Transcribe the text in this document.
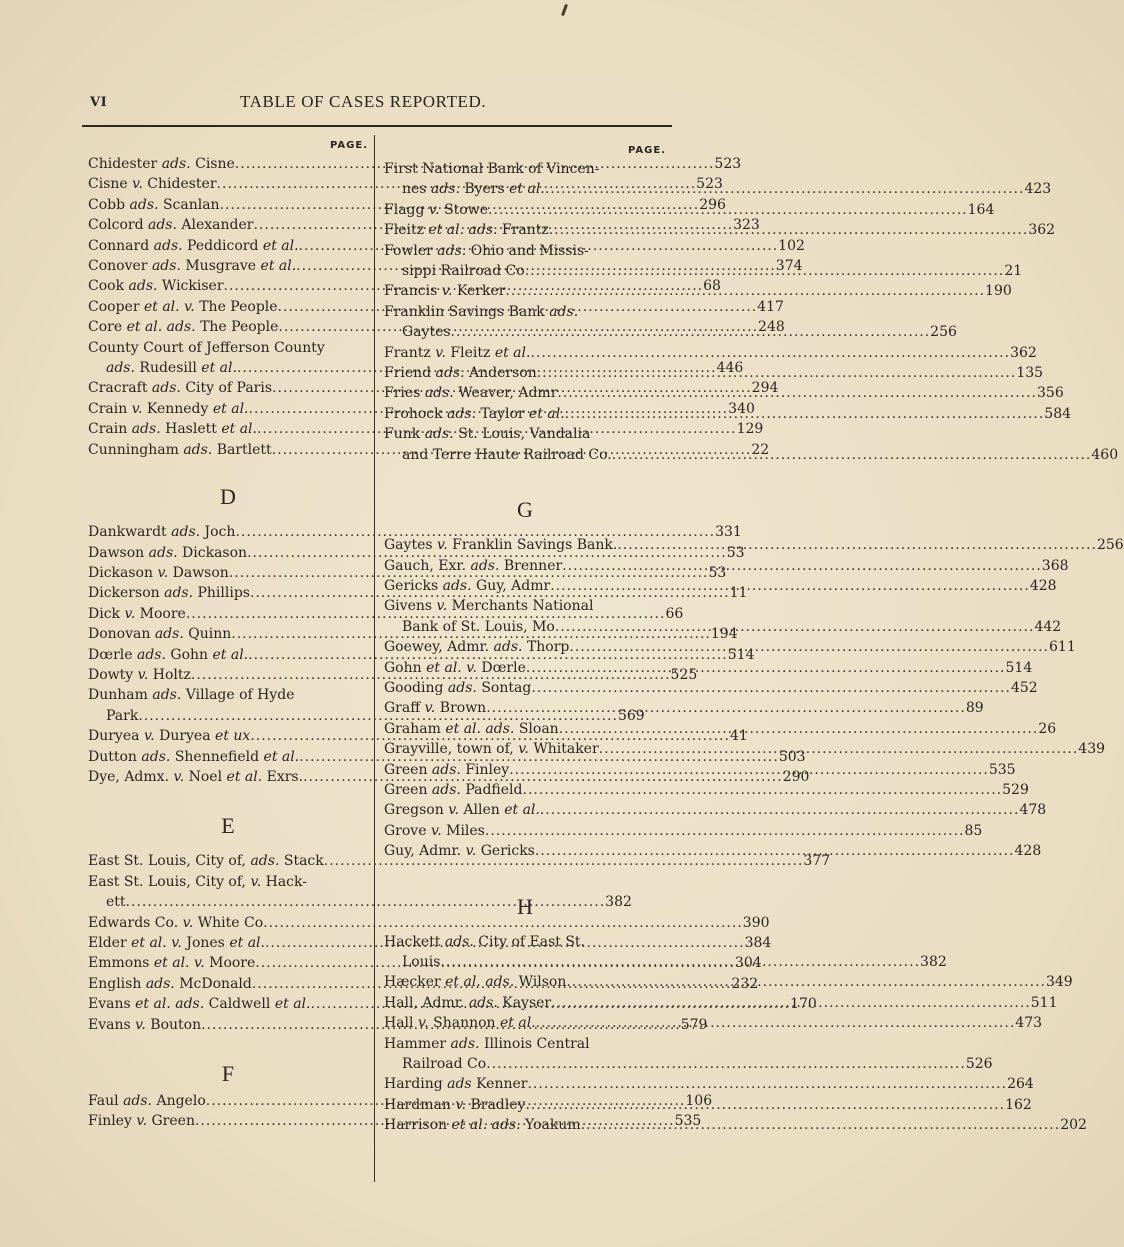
VI	TABLE OF CASES REPORTED.
PAGE.
Chidester ads. Cisne .....	523
Cisne v. Chidester .....	523
Cobb ads. Scanlan .....	296
Colcord ads. Alexander .....	323
Connard ads. Peddicord et al. .....	102
Conover ads. Musgrave et al. .....	374
Cook ads. Wickiser .....	68
Cooper et al. v. The People .....	417
Core et al. ads. The People .....	248
County Court of Jefferson County
ads. Rudesill et al. .....	446
Cracraft ads. City of Paris .....	294
Crain v. Kennedy et al. .....	340
Crain ads. Haslett et al. .....	129
Cunningham ads. Bartlett .....	22
D
Dankwardt ads. Joch .....	331
Dawson ads. Dickason .....	53
Dickason v. Dawson .....	53
Dickerson ads. Phillips .....	11
Dick v. Moore .....	66
Donovan ads. Quinn .....	194
Dœrle ads. Gohn et al. .....	514
Dowty v. Holtz .....	525
Dunham ads. Village of Hyde
Park .....	569
Duryea v. Duryea et ux .....	41
Dutton ads. Shennefield et al. .....	503
Dye, Admx. v. Noel et al. Exrs. .....	290
E
East St. Louis, City of, ads. Stack .....	377
East St. Louis, City of, v. Hack-
ett .....	382
Edwards Co. v. White Co .....	390
Elder et al. v. Jones et al. .....	384
Emmons et al. v. Moore .....	304
English ads. McDonald .....	232
Evans et al. ads. Caldwell et al. .....	170
Evans v. Bouton .....	579
F
Faul ads. Angelo .....	106
Finley v. Green .....	535
PAGE.
First National Bank of Vincen-
nes ads. Byers et al. .....	423
Flagg v. Stowe .....	164
Fleitz et al. ads. Frantz .....	362
Fowler ads. Ohio and Missis-
sippi Railroad Co .....	21
Francis v. Kerker .....	190
Franklin Savings Bank ads.
Gaytes .....	256
Frantz v. Fleitz et al. .....	362
Friend ads. Anderson .....	135
Fries ads. Weaver, Admr .....	356
Frohock ads. Taylor et al. .....	584
Funk ads. St. Louis, Vandalia
and Terre Haute Railroad Co. .....	460
G
Gaytes v. Franklin Savings Bank. .....	256
Gauch, Exr. ads. Brenner .....	368
Gericks ads. Guy, Admr .....	428
Givens v. Merchants National
Bank of St. Louis, Mo .....	442
Goewey, Admr. ads. Thorp .....	611
Gohn et al. v. Dœrle .....	514
Gooding ads. Sontag .....	452
Graff v. Brown .....	89
Graham et al. ads. Sloan .....	26
Grayville, town of, v. Whitaker .....	439
Green ads. Finley .....	535
Green ads. Padfield .....	529
Gregson v. Allen et al. .....	478
Grove v. Miles .....	85
Guy, Admr. v. Gericks .....	428
H
Hackett ads. City of East St.
Louis .....	382
Hæcker et al. ads. Wilson .....	349
Hall, Admr. ads. Kayser .....	511
Hall v. Shannon et al. .....	473
Hammer ads. Illinois Central
Railroad Co .....	526
Harding ads Kenner .....	264
Hardman v. Bradley .....	162
Harrison et al. ads. Yoakum .....	202
